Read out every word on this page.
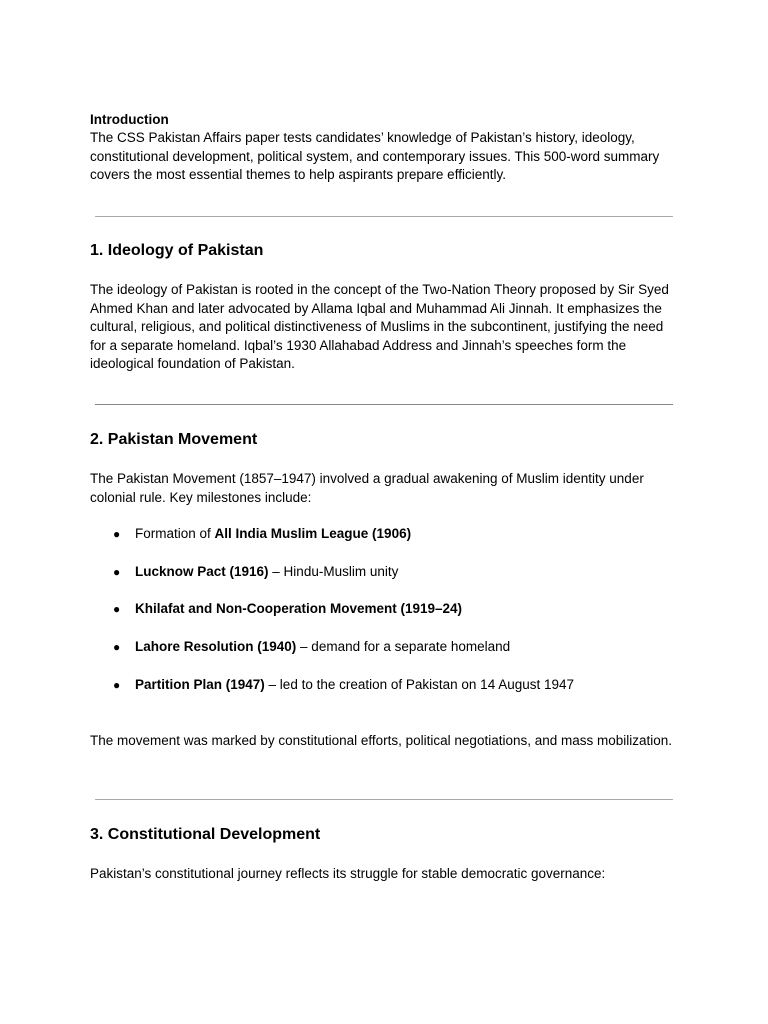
Introduction

The CSS Pakistan Affairs paper tests candidates’ knowledge of Pakistan’s history, ideology, constitutional development, political system, and contemporary issues. This 500-word summary covers the most essential themes to help aspirants prepare efficiently.

1. Ideology of Pakistan

The ideology of Pakistan is rooted in the concept of the Two-Nation Theory proposed by Sir Syed Ahmed Khan and later advocated by Allama Iqbal and Muhammad Ali Jinnah. It emphasizes the cultural, religious, and political distinctiveness of Muslims in the subcontinent, justifying the need for a separate homeland. Iqbal’s 1930 Allahabad Address and Jinnah’s speeches form the ideological foundation of Pakistan.

2. Pakistan Movement

The Pakistan Movement (1857–1947) involved a gradual awakening of Muslim identity under colonial rule. Key milestones include:

● Formation of All India Muslim League (1906)
● Lucknow Pact (1916) – Hindu-Muslim unity
● Khilafat and Non-Cooperation Movement (1919–24)
● Lahore Resolution (1940) – demand for a separate homeland
● Partition Plan (1947) – led to the creation of Pakistan on 14 August 1947

The movement was marked by constitutional efforts, political negotiations, and mass mobilization.

3. Constitutional Development

Pakistan’s constitutional journey reflects its struggle for stable democratic governance:
